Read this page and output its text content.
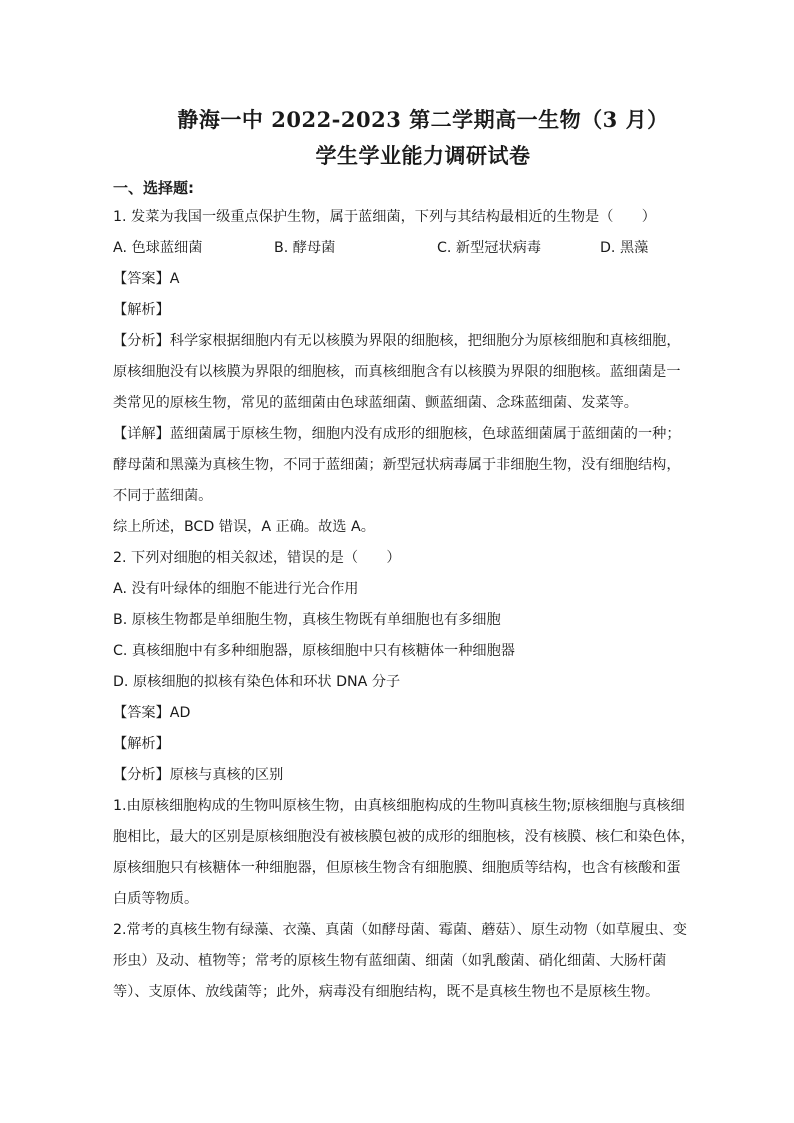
静海一中 2022-2023 第二学期高一生物（3 月）
学生学业能力调研试卷
一、选择题:
1. 发菜为我国一级重点保护生物，属于蓝细菌，下列与其结构最相近的生物是（　　）
A. 色球蓝细菌	B. 酵母菌	C. 新型冠状病毒	D. 黑藻
【答案】A
【解析】
【分析】科学家根据细胞内有无以核膜为界限的细胞核，把细胞分为原核细胞和真核细胞，
原核细胞没有以核膜为界限的细胞核，而真核细胞含有以核膜为界限的细胞核。蓝细菌是一
类常见的原核生物，常见的蓝细菌由色球蓝细菌、颤蓝细菌、念珠蓝细菌、发菜等。
【详解】蓝细菌属于原核生物，细胞内没有成形的细胞核，色球蓝细菌属于蓝细菌的一种；
酵母菌和黑藻为真核生物，不同于蓝细菌；新型冠状病毒属于非细胞生物，没有细胞结构，
不同于蓝细菌。
综上所述，BCD 错误，A 正确。故选 A。
2. 下列对细胞的相关叙述，错误的是（　　）
A. 没有叶绿体的细胞不能进行光合作用
B. 原核生物都是单细胞生物，真核生物既有单细胞也有多细胞
C. 真核细胞中有多种细胞器，原核细胞中只有核糖体一种细胞器
D. 原核细胞的拟核有染色体和环状 DNA 分子
【答案】AD
【解析】
【分析】原核与真核的区别
1.由原核细胞构成的生物叫原核生物，由真核细胞构成的生物叫真核生物;原核细胞与真核细
胞相比，最大的区别是原核细胞没有被核膜包被的成形的细胞核，没有核膜、核仁和染色体，
原核细胞只有核糖体一种细胞器，但原核生物含有细胞膜、细胞质等结构，也含有核酸和蛋
白质等物质。
2.常考的真核生物有绿藻、衣藻、真菌（如酵母菌、霉菌、蘑菇）、原生动物（如草履虫、变
形虫）及动、植物等；常考的原核生物有蓝细菌、细菌（如乳酸菌、硝化细菌、大肠杆菌
等）、支原体、放线菌等；此外，病毒没有细胞结构，既不是真核生物也不是原核生物。
